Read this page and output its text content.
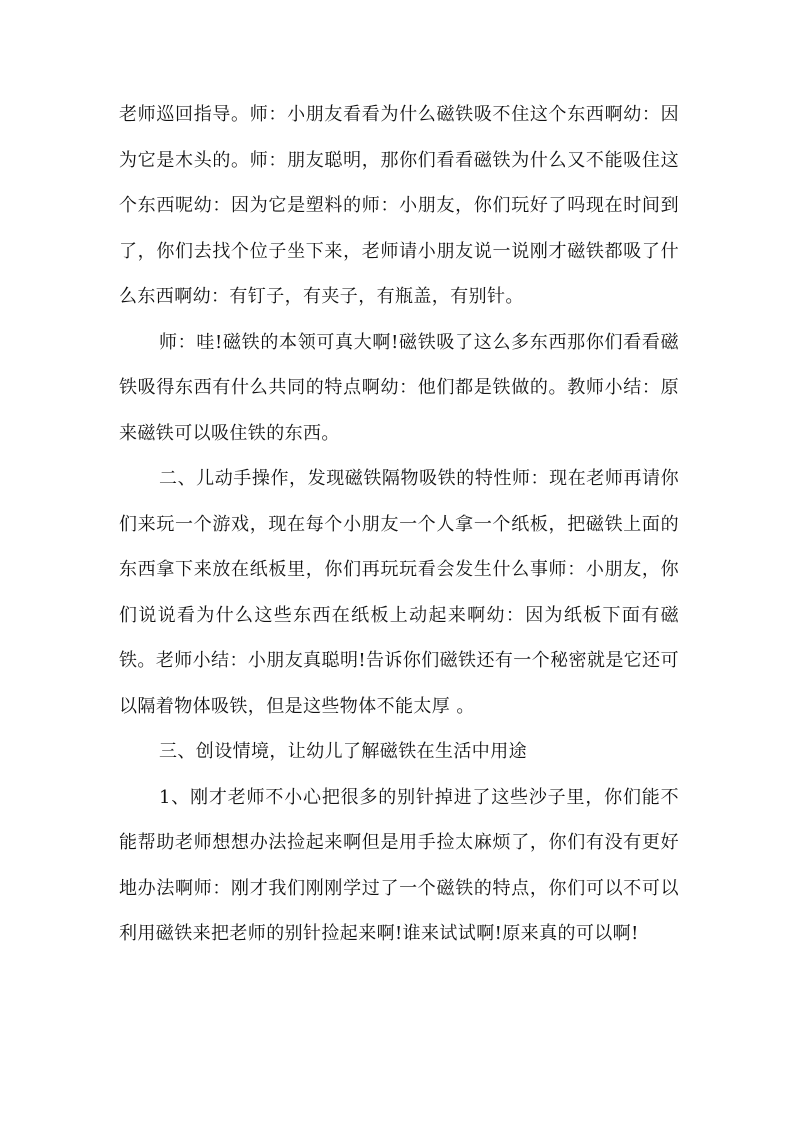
老师巡回指导。师：小朋友看看为什么磁铁吸不住这个东西啊幼：因为它是木头的。师：朋友聪明，那你们看看磁铁为什么又不能吸住这个东西呢幼：因为它是塑料的师：小朋友，你们玩好了吗现在时间到了，你们去找个位子坐下来，老师请小朋友说一说刚才磁铁都吸了什么东西啊幼：有钉子，有夹子，有瓶盖，有别针。

师：哇!磁铁的本领可真大啊!磁铁吸了这么多东西那你们看看磁铁吸得东西有什么共同的特点啊幼：他们都是铁做的。教师小结：原来磁铁可以吸住铁的东西。

二、儿动手操作，发现磁铁隔物吸铁的特性师：现在老师再请你们来玩一个游戏，现在每个小朋友一个人拿一个纸板，把磁铁上面的东西拿下来放在纸板里，你们再玩玩看会发生什么事师：小朋友，你们说说看为什么这些东西在纸板上动起来啊幼：因为纸板下面有磁铁。老师小结：小朋友真聪明!告诉你们磁铁还有一个秘密就是它还可以隔着物体吸铁，但是这些物体不能太厚 。

三、创设情境，让幼儿了解磁铁在生活中用途

1、刚才老师不小心把很多的别针掉进了这些沙子里，你们能不能帮助老师想想办法捡起来啊但是用手捡太麻烦了，你们有没有更好地办法啊师：刚才我们刚刚学过了一个磁铁的特点，你们可以不可以利用磁铁来把老师的别针捡起来啊!谁来试试啊!原来真的可以啊!
